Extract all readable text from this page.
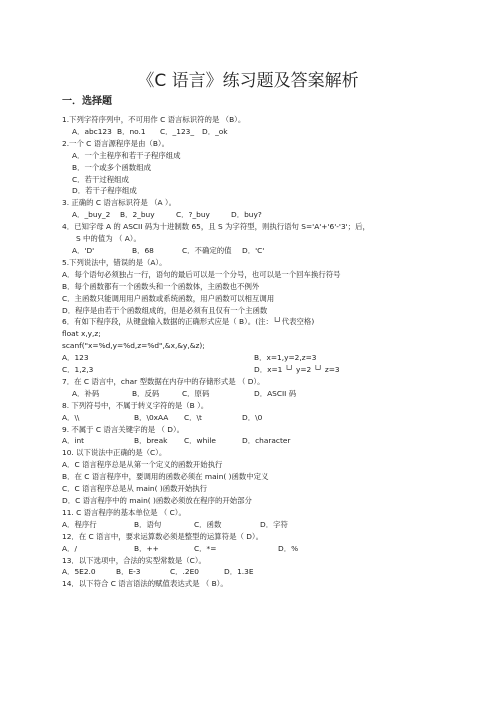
《C 语言》练习题及答案解析
一．选择题
1.下列字符序列中，不可用作 C 语言标识符的是 （B）。
A．abc123 B．no.1 C．_123_ D．_ok
2.一个 C 语言源程序是由（B）。
A．一个主程序和若干子程序组成
B．一个或多个函数组成
C．若干过程组成
D．若干子程序组成
3. 正确的 C 语言标识符是 （A ）。
A．_buy_2 B．2_buy	C．?_buy	D．buy?
4．已知字母 A 的 ASCII 码为十进制数 65，且 S 为字符型，则执行语句 S='A'+'6'-'3'；后，
S 中的值为 （ A）。
A．'D'	B．68	C．不确定的值 D．'C'
5.下列说法中，错误的是（A）。
A．每个语句必须独占一行，语句的最后可以是一个分号，也可以是一个回车换行符号
B．每个函数都有一个函数头和一个函数体，主函数也不例外
C．主函数只能调用用户函数或系统函数，用户函数可以相互调用
D．程序是由若干个函数组成的，但是必须有且仅有一个主函数
6．有如下程序段，从键盘输入数据的正确形式应是（ B）。(注：└┘代表空格)
float x,y,z;
scanf("x=%d,y=%d,z=%d",&x,&y,&z);
A．123	B．x=1,y=2,z=3
C．1,2,3	D．x=1 └┘ y=2 └┘ z=3
7．在 C 语言中，char 型数据在内存中的存储形式是 （ D）。
A．补码	B．反码	C．原码	D．ASCII 码
8. 下列符号中，不属于转义字符的是（B ）。
A．\\	B．\0xAA C．\t	D．\0
9. 不属于 C 语言关键字的是 （ D）。
A．int	B．break C．while	D．character
10. 以下说法中正确的是（C）。
A．C 语言程序总是从第一个定义的函数开始执行
B．在 C 语言程序中，要调用的函数必须在 main( )函数中定义
C．C 语言程序总是从 main( )函数开始执行
D．C 语言程序中的 main( )函数必须放在程序的开始部分
11. C 语言程序的基本单位是 （ C）。
A．程序行	B．语句	C．函数	D．字符
12．在 C 语言中，要求运算数必须是整型的运算符是（ D）。
A．/	B．++	C．*=	D．%
13．以下选项中，合法的实型常数是（C）。
A．5E2.0	B．E-3	C．.2E0	D．1.3E
14．以下符合 C 语言语法的赋值表达式是 （ B）。
